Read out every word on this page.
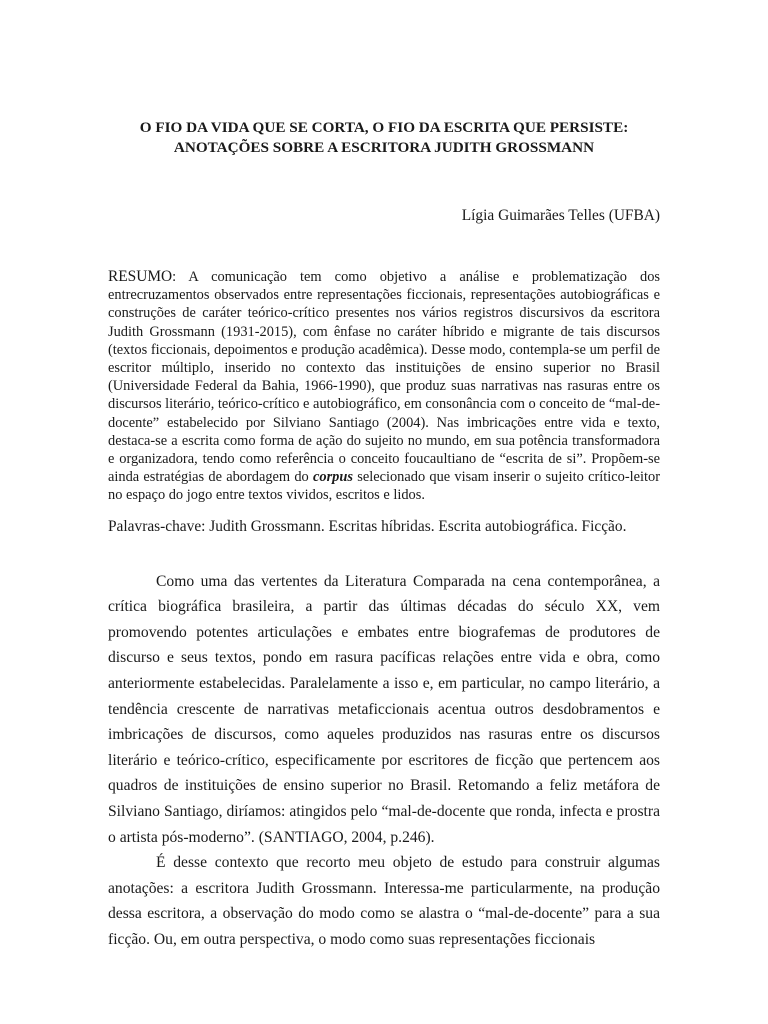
O FIO DA VIDA QUE SE CORTA, O FIO DA ESCRITA QUE PERSISTE:
ANOTAÇÕES SOBRE A ESCRITORA JUDITH GROSSMANN
Lígia Guimarães Telles (UFBA)
RESUMO: A comunicação tem como objetivo a análise e problematização dos entrecruzamentos observados entre representações ficcionais, representações autobiográficas e construções de caráter teórico-crítico presentes nos vários registros discursivos da escritora Judith Grossmann (1931-2015), com ênfase no caráter híbrido e migrante de tais discursos (textos ficcionais, depoimentos e produção acadêmica). Desse modo, contempla-se um perfil de escritor múltiplo, inserido no contexto das instituições de ensino superior no Brasil (Universidade Federal da Bahia, 1966-1990), que produz suas narrativas nas rasuras entre os discursos literário, teórico-crítico e autobiográfico, em consonância com o conceito de “mal-de-docente” estabelecido por Silviano Santiago (2004). Nas imbricações entre vida e texto, destaca-se a escrita como forma de ação do sujeito no mundo, em sua potência transformadora e organizadora, tendo como referência o conceito foucaultiano de “escrita de si”. Propõem-se ainda estratégias de abordagem do corpus selecionado que visam inserir o sujeito crítico-leitor no espaço do jogo entre textos vividos, escritos e lidos.
Palavras-chave: Judith Grossmann. Escritas híbridas. Escrita autobiográfica. Ficção.

Como uma das vertentes da Literatura Comparada na cena contemporânea, a crítica biográfica brasileira, a partir das últimas décadas do século XX, vem promovendo potentes articulações e embates entre biografemas de produtores de discurso e seus textos, pondo em rasura pacíficas relações entre vida e obra, como anteriormente estabelecidas. Paralelamente a isso e, em particular, no campo literário, a tendência crescente de narrativas metaficcionais acentua outros desdobramentos e imbricações de discursos, como aqueles produzidos nas rasuras entre os discursos literário e teórico-crítico, especificamente por escritores de ficção que pertencem aos quadros de instituições de ensino superior no Brasil. Retomando a feliz metáfora de Silviano Santiago, diríamos: atingidos pelo “mal-de-docente que ronda, infecta e prostra o artista pós-moderno”. (SANTIAGO, 2004, p.246).

É desse contexto que recorto meu objeto de estudo para construir algumas anotações: a escritora Judith Grossmann. Interessa-me particularmente, na produção dessa escritora, a observação do modo como se alastra o “mal-de-docente” para a sua ficção. Ou, em outra perspectiva, o modo como suas representações ficcionais
